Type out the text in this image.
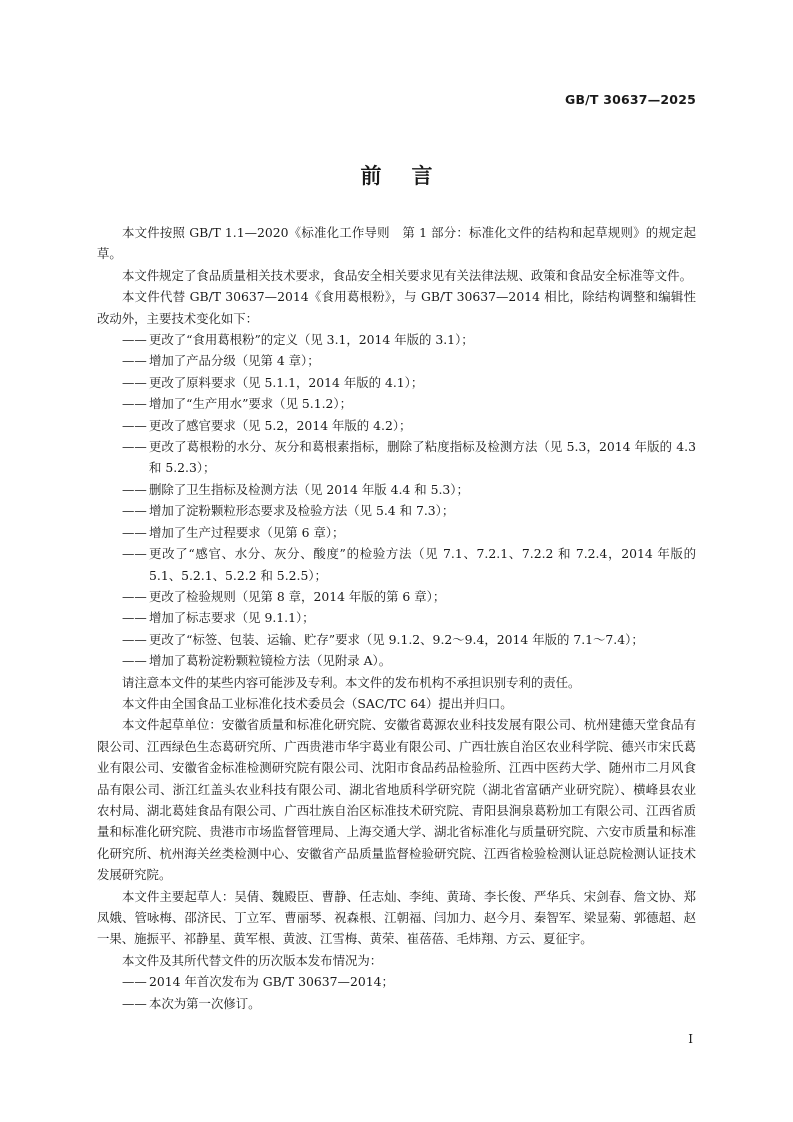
GB/T 30637—2025
前言

本文件按照 GB/T 1.1—2020《标准化工作导则　第 1 部分：标准化文件的结构和起草规则》的规定起草。

本文件规定了食品质量相关技术要求，食品安全相关要求见有关法律法规、政策和食品安全标准等文件。

本文件代替 GB/T 30637—2014《食用葛根粉》，与 GB/T 30637—2014 相比，除结构调整和编辑性改动外，主要技术变化如下：

—— 更改了“食用葛根粉”的定义（见 3.1，2014 年版的 3.1）；

—— 增加了产品分级（见第 4 章）；

—— 更改了原料要求（见 5.1.1，2014 年版的 4.1）；

—— 增加了“生产用水”要求（见 5.1.2）；

—— 更改了感官要求（见 5.2，2014 年版的 4.2）；

—— 更改了葛根粉的水分、灰分和葛根素指标，删除了粘度指标及检测方法（见 5.3，2014 年版的 4.3 和 5.2.3）；

—— 删除了卫生指标及检测方法（见 2014 年版 4.4 和 5.3）；

—— 增加了淀粉颗粒形态要求及检验方法（见 5.4 和 7.3）；

—— 增加了生产过程要求（见第 6 章）；

—— 更改了“感官、水分、灰分、酸度”的检验方法（见 7.1、7.2.1、7.2.2 和 7.2.4，2014 年版的 5.1、5.2.1、5.2.2 和 5.2.5）；

—— 更改了检验规则（见第 8 章，2014 年版的第 6 章）；

—— 增加了标志要求（见 9.1.1）；

—— 更改了“标签、包装、运输、贮存”要求（见 9.1.2、9.2～9.4，2014 年版的 7.1～7.4）；

—— 增加了葛粉淀粉颗粒镜检方法（见附录 A）。

请注意本文件的某些内容可能涉及专利。本文件的发布机构不承担识别专利的责任。

本文件由全国食品工业标准化技术委员会（SAC/TC 64）提出并归口。

本文件起草单位：安徽省质量和标准化研究院、安徽省葛源农业科技发展有限公司、杭州建德天堂食品有限公司、江西绿色生态葛研究所、广西贵港市华宇葛业有限公司、广西壮族自治区农业科学院、德兴市宋氏葛业有限公司、安徽省金标准检测研究院有限公司、沈阳市食品药品检验所、江西中医药大学、随州市二月风食品有限公司、浙江红盖头农业科技有限公司、湖北省地质科学研究院（湖北省富硒产业研究院）、横峰县农业农村局、湖北葛娃食品有限公司、广西壮族自治区标准技术研究院、青阳县涧泉葛粉加工有限公司、江西省质量和标准化研究院、贵港市市场监督管理局、上海交通大学、湖北省标准化与质量研究院、六安市质量和标准化研究所、杭州海关丝类检测中心、安徽省产品质量监督检验研究院、江西省检验检测认证总院检测认证技术发展研究院。

本文件主要起草人：吴倩、魏殿臣、曹静、任志灿、李纯、黄琦、李长俊、严华兵、宋剑春、詹文协、郑凤娥、管咏梅、邵济民、丁立军、曹丽琴、祝森根、江朝福、闫加力、赵今月、秦智军、梁显菊、郭德超、赵一果、施振平、祁静星、黄军根、黄波、江雪梅、黄荣、崔蓓蓓、毛炜翔、方云、夏征宇。

本文件及其所代替文件的历次版本发布情况为：

—— 2014 年首次发布为 GB/T 30637—2014；

—— 本次为第一次修订。

I
